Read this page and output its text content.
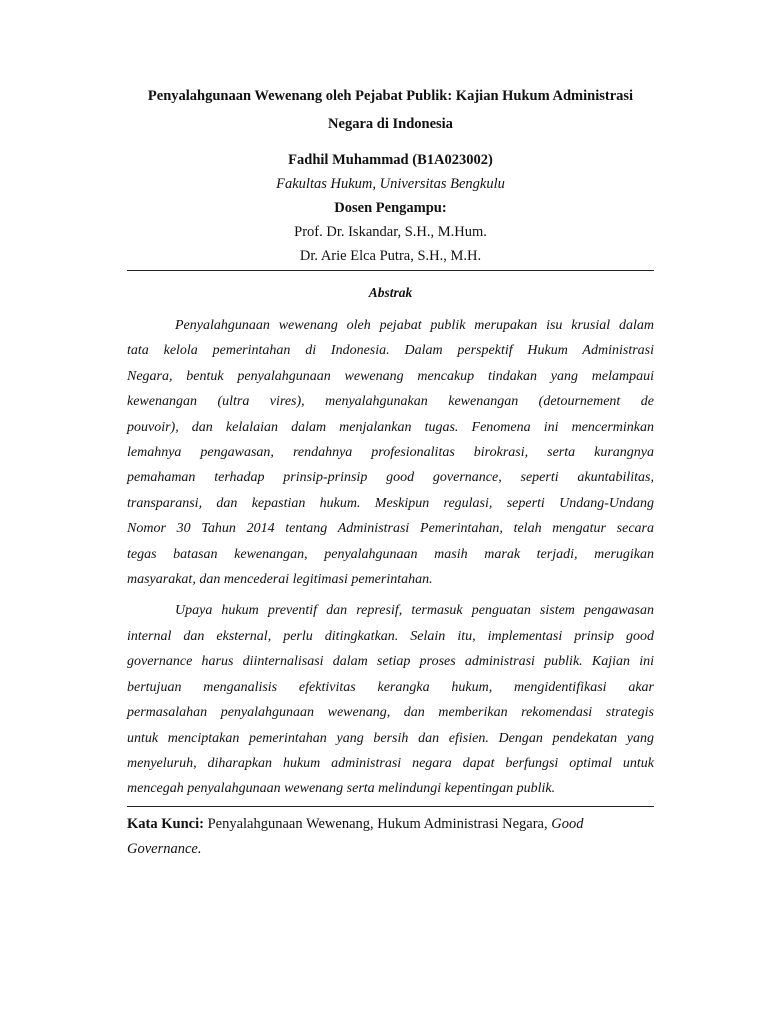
Penyalahgunaan Wewenang oleh Pejabat Publik: Kajian Hukum Administrasi
Negara di Indonesia
Fadhil Muhammad (B1A023002)
Fakultas Hukum, Universitas Bengkulu
Dosen Pengampu:
Prof. Dr. Iskandar, S.H., M.Hum.
Dr. Arie Elca Putra, S.H., M.H.
Abstrak
Penyalahgunaan wewenang oleh pejabat publik merupakan isu krusial dalam
tata kelola pemerintahan di Indonesia. Dalam perspektif Hukum Administrasi
Negara, bentuk penyalahgunaan wewenang mencakup tindakan yang melampaui
kewenangan (ultra vires), menyalahgunakan kewenangan (detournement de
pouvoir), dan kelalaian dalam menjalankan tugas. Fenomena ini mencerminkan
lemahnya pengawasan, rendahnya profesionalitas birokrasi, serta kurangnya
pemahaman terhadap prinsip-prinsip good governance, seperti akuntabilitas,
transparansi, dan kepastian hukum. Meskipun regulasi, seperti Undang-Undang
Nomor 30 Tahun 2014 tentang Administrasi Pemerintahan, telah mengatur secara
tegas batasan kewenangan, penyalahgunaan masih marak terjadi, merugikan
masyarakat, dan mencederai legitimasi pemerintahan.
Upaya hukum preventif dan represif, termasuk penguatan sistem pengawasan
internal dan eksternal, perlu ditingkatkan. Selain itu, implementasi prinsip good
governance harus diinternalisasi dalam setiap proses administrasi publik. Kajian ini
bertujuan menganalisis efektivitas kerangka hukum, mengidentifikasi akar
permasalahan penyalahgunaan wewenang, dan memberikan rekomendasi strategis
untuk menciptakan pemerintahan yang bersih dan efisien. Dengan pendekatan yang
menyeluruh, diharapkan hukum administrasi negara dapat berfungsi optimal untuk
mencegah penyalahgunaan wewenang serta melindungi kepentingan publik.
Kata Kunci: Penyalahgunaan Wewenang, Hukum Administrasi Negara, Good
Governance.
